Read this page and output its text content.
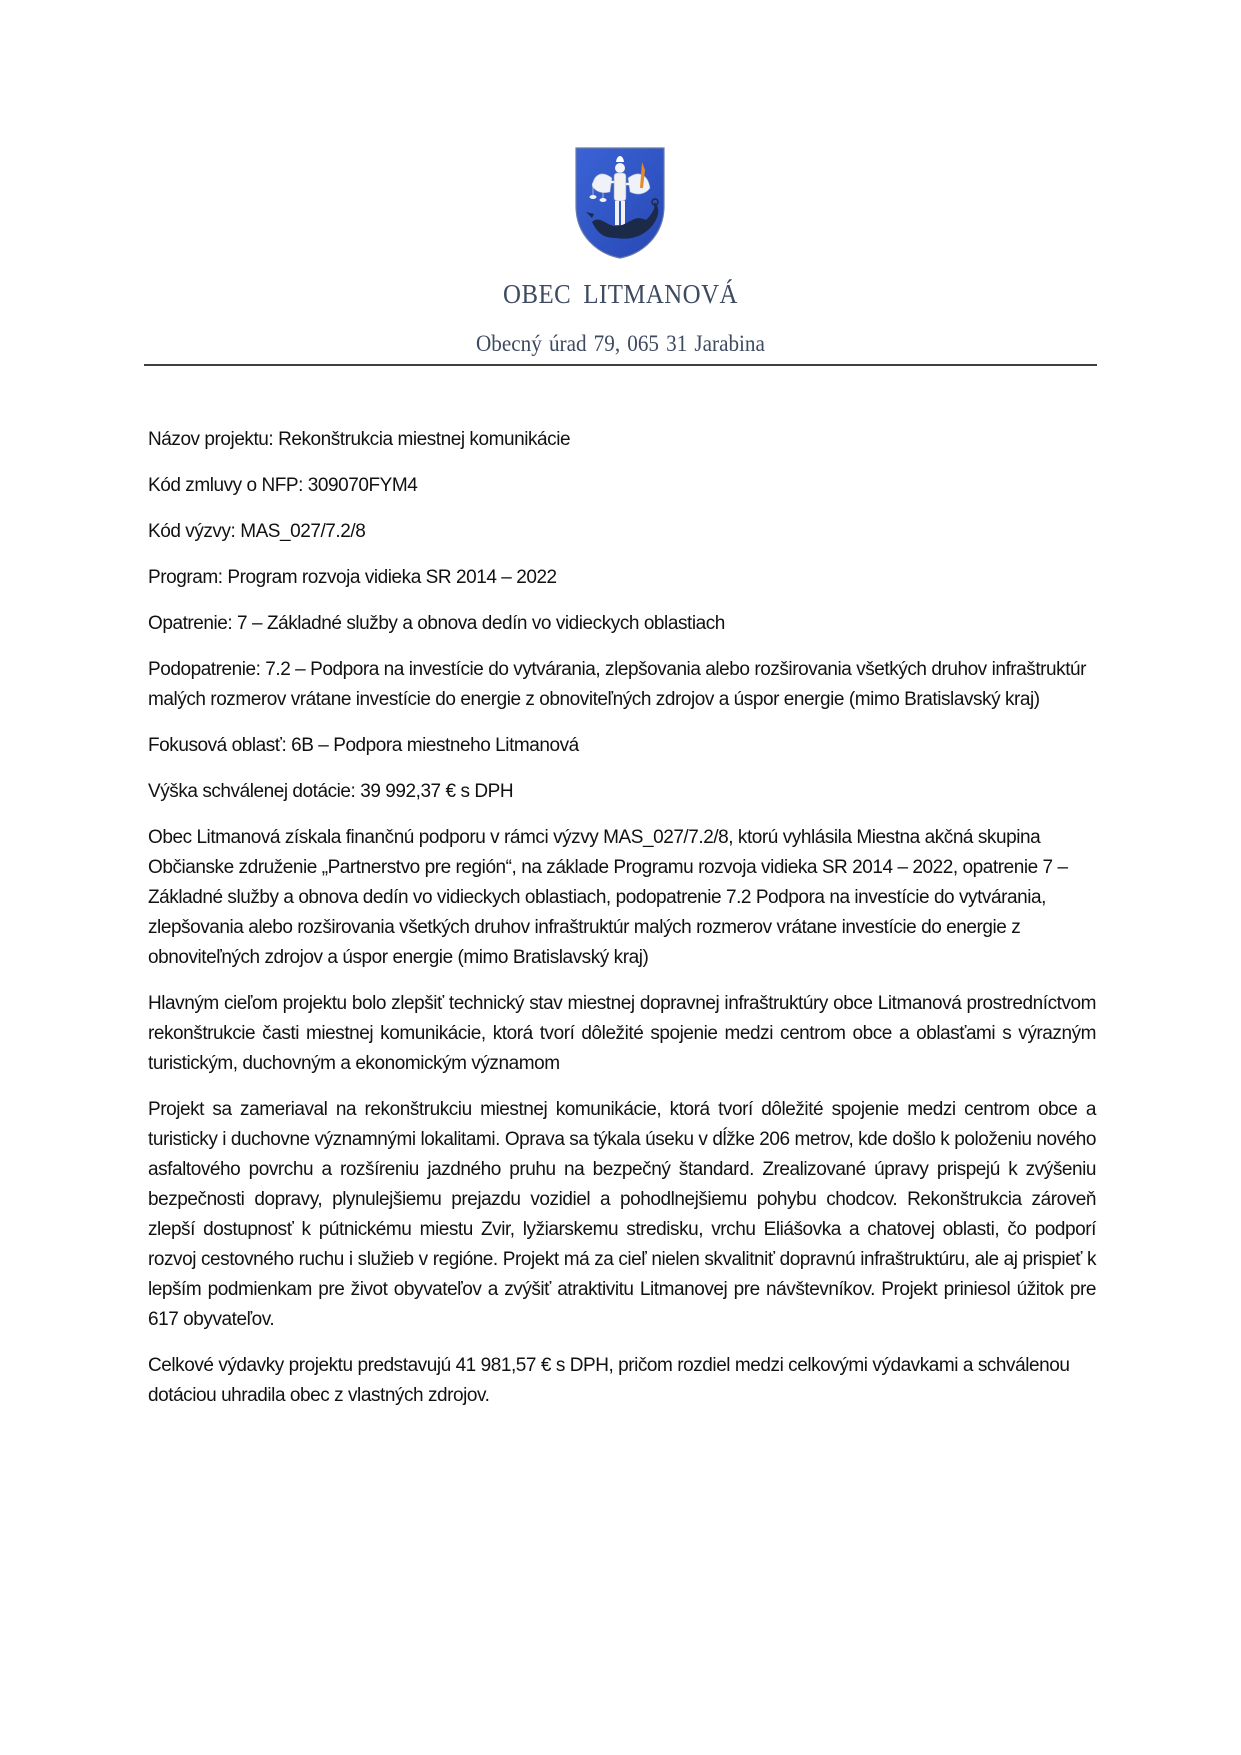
OBEC LITMANOVÁ
Obecný úrad 79, 065 31 Jarabina

Názov projektu: Rekonštrukcia miestnej komunikácie

Kód zmluvy o NFP: 309070FYM4

Kód výzvy: MAS_027/7.2/8

Program: Program rozvoja vidieka SR 2014 – 2022

Opatrenie: 7 – Základné služby a obnova dedín vo vidieckych oblastiach

Podopatrenie: 7.2 – Podpora na investície do vytvárania, zlepšovania alebo rozširovania všetkých druhov infraštruktúr malých rozmerov vrátane investície do energie z obnoviteľných zdrojov a úspor energie (mimo Bratislavský kraj)

Fokusová oblasť: 6B – Podpora miestneho Litmanová

Výška schválenej dotácie: 39 992,37 € s DPH

Obec Litmanová získala finančnú podporu v rámci výzvy MAS_027/7.2/8, ktorú vyhlásila Miestna akčná skupina Občianske združenie „Partnerstvo pre región“, na základe Programu rozvoja vidieka SR 2014 – 2022, opatrenie 7 – Základné služby a obnova dedín vo vidieckych oblastiach, podopatrenie 7.2 Podpora na investície do vytvárania, zlepšovania alebo rozširovania všetkých druhov infraštruktúr malých rozmerov vrátane investície do energie z obnoviteľných zdrojov a úspor energie (mimo Bratislavský kraj)

Hlavným cieľom projektu bolo zlepšiť technický stav miestnej dopravnej infraštruktúry obce Litmanová prostredníctvom rekonštrukcie časti miestnej komunikácie, ktorá tvorí dôležité spojenie medzi centrom obce a oblasťami s výrazným turistickým, duchovným a ekonomickým významom

Projekt sa zameriaval na rekonštrukciu miestnej komunikácie, ktorá tvorí dôležité spojenie medzi centrom obce a turisticky i duchovne významnými lokalitami. Oprava sa týkala úseku v dĺžke 206 metrov, kde došlo k položeniu nového asfaltového povrchu a rozšíreniu jazdného pruhu na bezpečný štandard. Zrealizované úpravy prispejú k zvýšeniu bezpečnosti dopravy, plynulejšiemu prejazdu vozidiel a pohodlnejšiemu pohybu chodcov. Rekonštrukcia zároveň zlepší dostupnosť k pútnickému miestu Zvir, lyžiarskemu stredisku, vrchu Eliášovka a chatovej oblasti, čo podporí rozvoj cestovného ruchu i služieb v regióne. Projekt má za cieľ nielen skvalitniť dopravnú infraštruktúru, ale aj prispieť k lepším podmienkam pre život obyvateľov a zvýšiť atraktivitu Litmanovej pre návštevníkov. Projekt priniesol úžitok pre 617 obyvateľov.

Celkové výdavky projektu predstavujú 41 981,57 € s DPH, pričom rozdiel medzi celkovými výdavkami a schválenou dotáciou uhradila obec z vlastných zdrojov.
